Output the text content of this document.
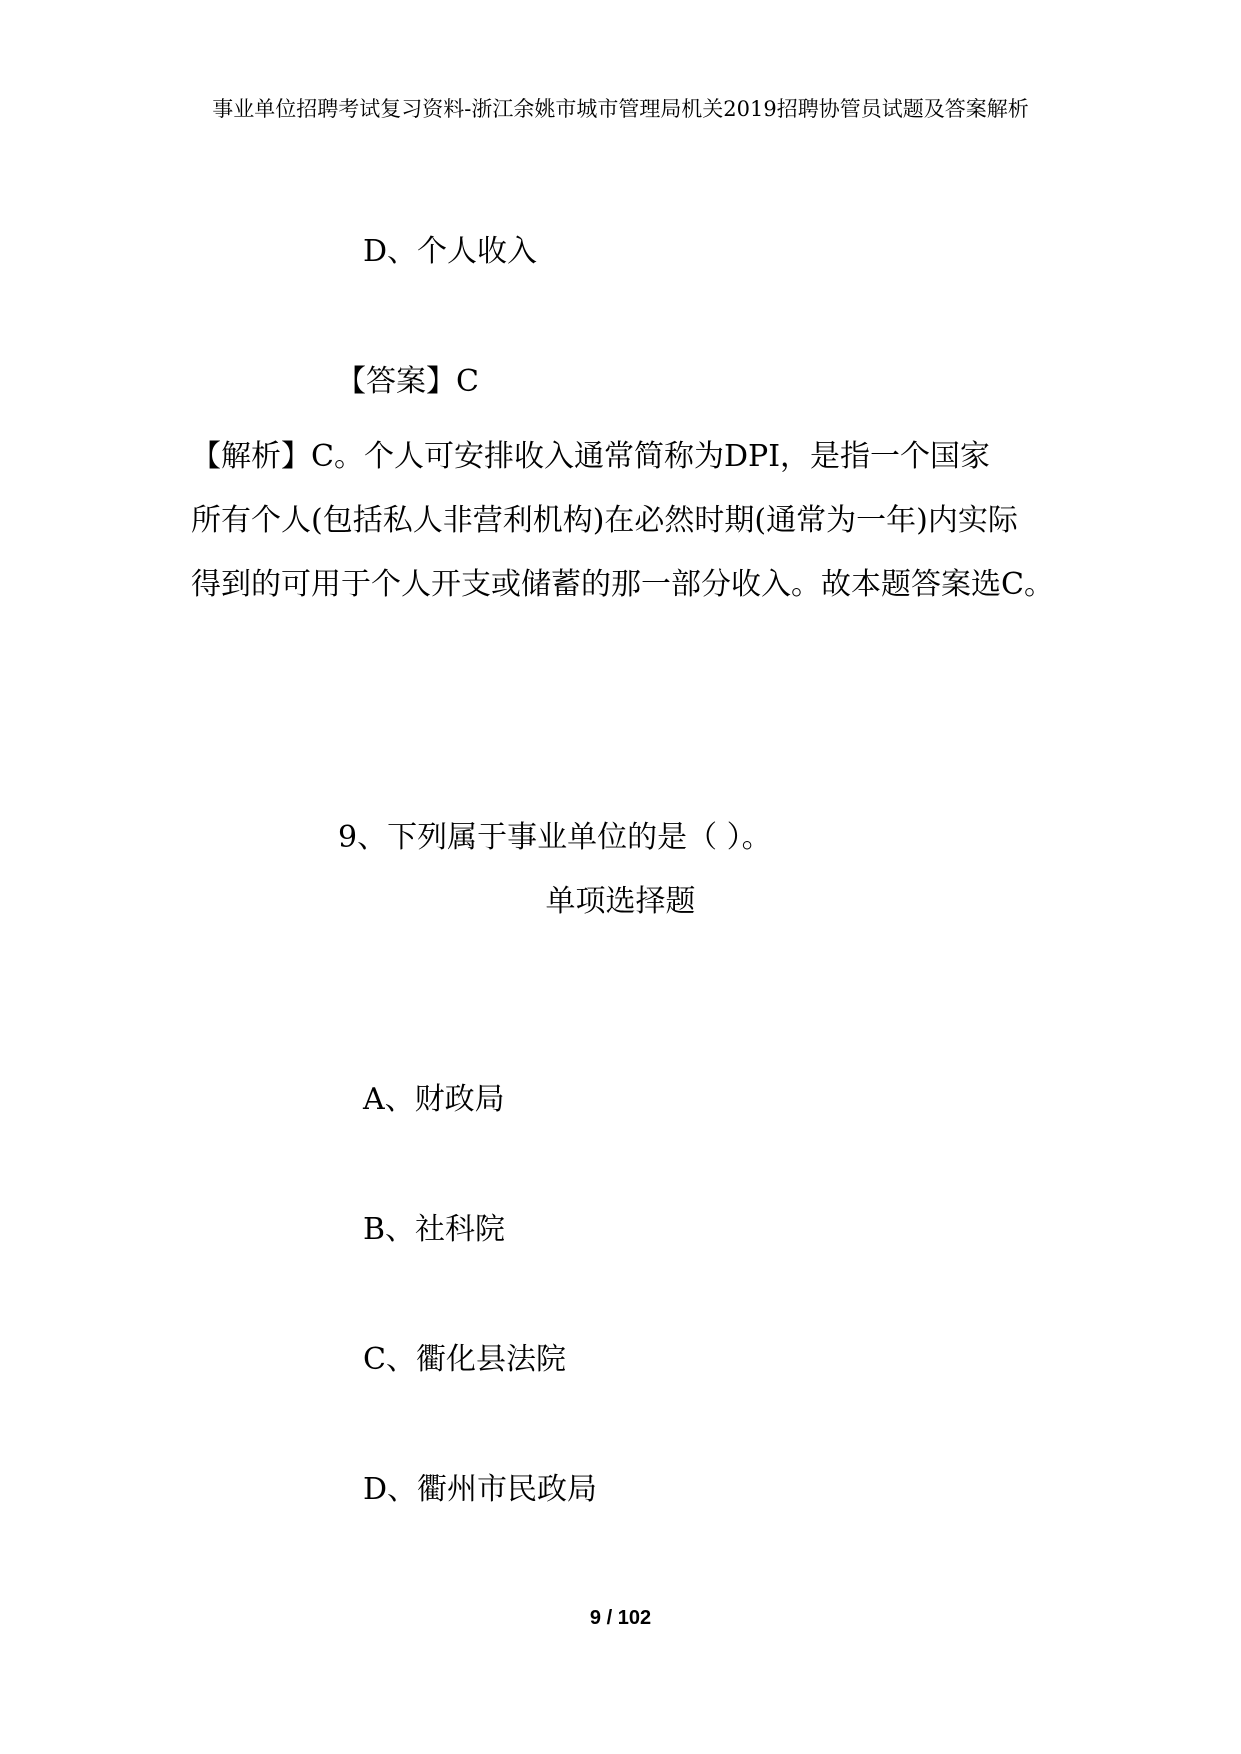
事业单位招聘考试复习资料-浙江余姚市城市管理局机关2019招聘协管员试题及答案解析
D、个人收入
【答案】C

【解析】C。个人可安排收入通常简称为DPI，是指一个国家

所有个人(包括私人非营利机构)在必然时期(通常为一年)内实际

得到的可用于个人开支或储蓄的那一部分收入。故本题答案选C。

9、下列属于事业单位的是（ ）。
单项选择题
A、财政局
B、社科院
C、衢化县法院
D、衢州市民政局
9 / 102
